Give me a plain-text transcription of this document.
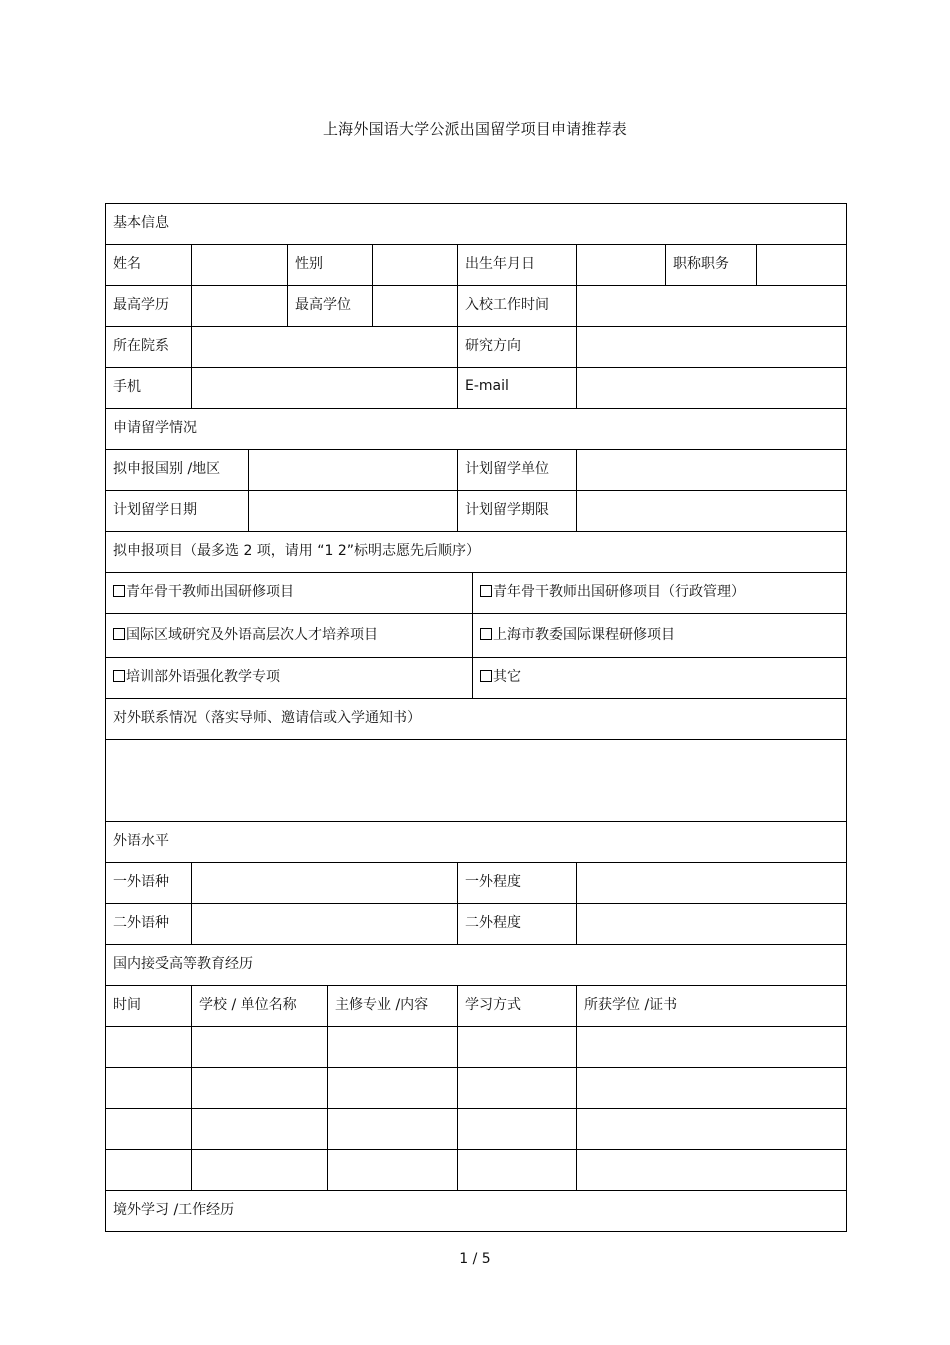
上海外国语大学公派出国留学项目申请推荐表
基本信息
姓名	性别	出生年月日	职称职务
最高学历	最高学位	入校工作时间
所在院系	研究方向
手机	E-mail
申请留学情况
拟申报国别 /地区	计划留学单位
计划留学日期	计划留学期限
拟申报项目（最多选 2 项，请用 “1 2”标明志愿先后顺序）
青年骨干教师出国研修项目	青年骨干教师出国研修项目（行政管理）
国际区域研究及外语高层次人才培养项目	上海市教委国际课程研修项目
培训部外语强化教学专项	其它
对外联系情况（落实导师、邀请信或入学通知书）
外语水平
一外语种	一外程度
二外语种	二外程度
国内接受高等教育经历
时间	学校 / 单位名称	主修专业 /内容	学习方式	所获学位 /证书
境外学习 /工作经历
1 / 5
